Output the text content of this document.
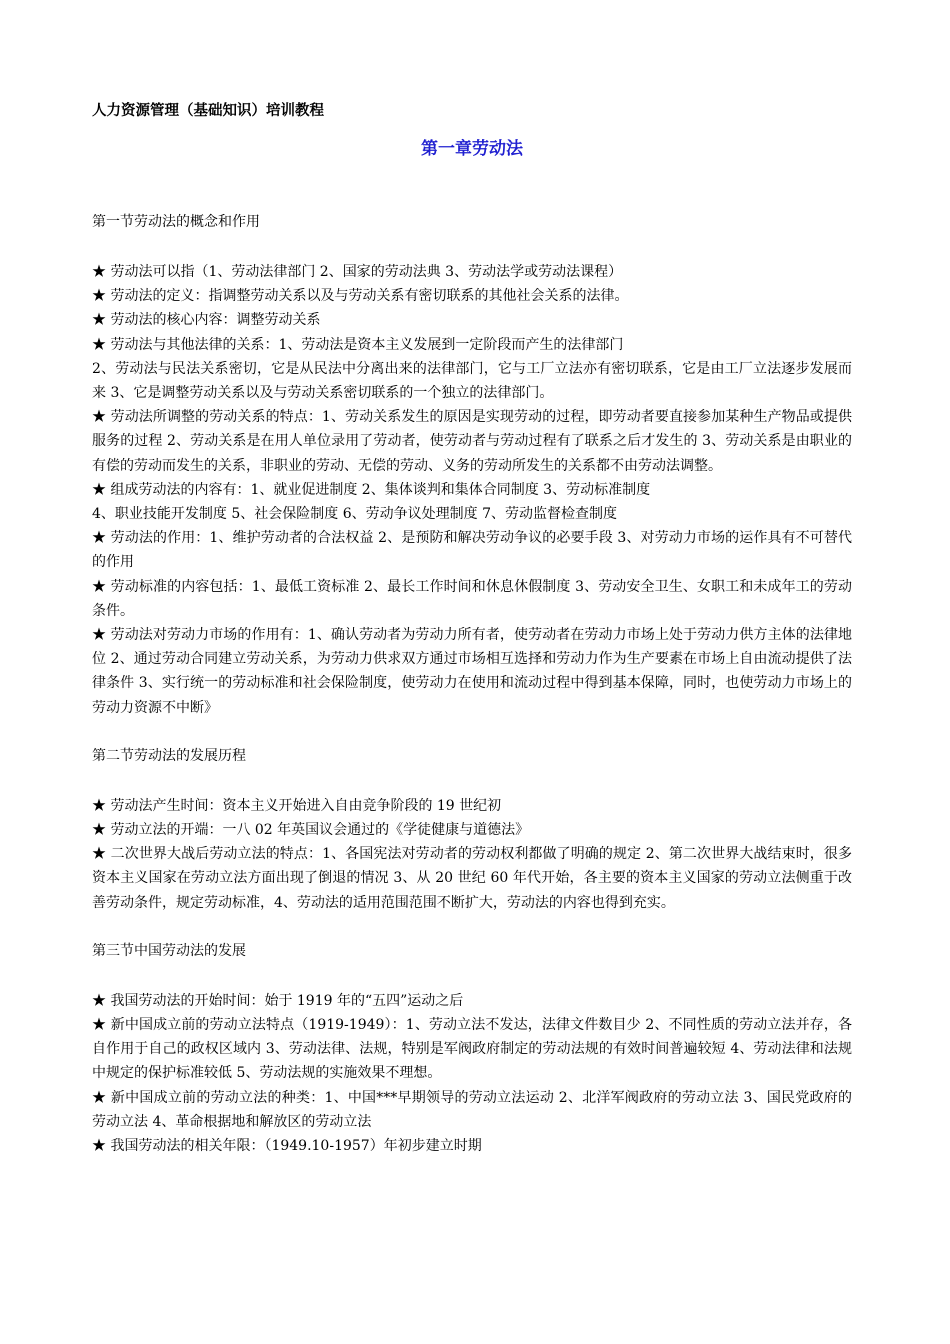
人力资源管理（基础知识）培训教程

第一章劳动法

第一节劳动法的概念和作用

★ 劳动法可以指（1、劳动法律部门 2、国家的劳动法典 3、劳动法学或劳动法课程）

★ 劳动法的定义：指调整劳动关系以及与劳动关系有密切联系的其他社会关系的法律。

★ 劳动法的核心内容：调整劳动关系

★ 劳动法与其他法律的关系：1、劳动法是资本主义发展到一定阶段而产生的法律部门

2、劳动法与民法关系密切，它是从民法中分离出来的法律部门，它与工厂立法亦有密切联系，它是由工厂立法逐步发展而来 3、它是调整劳动关系以及与劳动关系密切联系的一个独立的法律部门。

★ 劳动法所调整的劳动关系的特点：1、劳动关系发生的原因是实现劳动的过程，即劳动者要直接参加某种生产物品或提供服务的过程 2、劳动关系是在用人单位录用了劳动者，使劳动者与劳动过程有了联系之后才发生的 3、劳动关系是由职业的有偿的劳动而发生的关系，非职业的劳动、无偿的劳动、义务的劳动所发生的关系都不由劳动法调整。

★ 组成劳动法的内容有：1、就业促进制度 2、集体谈判和集体合同制度 3、劳动标准制度

4、职业技能开发制度 5、社会保险制度 6、劳动争议处理制度 7、劳动监督检查制度

★ 劳动法的作用：1、维护劳动者的合法权益 2、是预防和解决劳动争议的必要手段 3、对劳动力市场的运作具有不可替代的作用

★ 劳动标准的内容包括：1、最低工资标准 2、最长工作时间和休息休假制度 3、劳动安全卫生、女职工和未成年工的劳动条件。

★ 劳动法对劳动力市场的作用有：1、确认劳动者为劳动力所有者，使劳动者在劳动力市场上处于劳动力供方主体的法律地位 2、通过劳动合同建立劳动关系，为劳动力供求双方通过市场相互选择和劳动力作为生产要素在市场上自由流动提供了法律条件 3、实行统一的劳动标准和社会保险制度，使劳动力在使用和流动过程中得到基本保障，同时，也使劳动力市场上的劳动力资源不中断》

第二节劳动法的发展历程

★ 劳动法产生时间：资本主义开始进入自由竞争阶段的 19 世纪初

★ 劳动立法的开端：一八 02 年英国议会通过的《学徒健康与道德法》

★ 二次世界大战后劳动立法的特点：1、各国宪法对劳动者的劳动权利都做了明确的规定 2、第二次世界大战结束时，很多资本主义国家在劳动立法方面出现了倒退的情况 3、从 20 世纪 60 年代开始，各主要的资本主义国家的劳动立法侧重于改善劳动条件，规定劳动标准，4、劳动法的适用范围范围不断扩大，劳动法的内容也得到充实。

第三节中国劳动法的发展

★ 我国劳动法的开始时间：始于 1919 年的“五四”运动之后

★ 新中国成立前的劳动立法特点（1919-1949）：1、劳动立法不发达，法律文件数目少 2、不同性质的劳动立法并存，各自作用于自己的政权区域内 3、劳动法律、法规，特别是军阀政府制定的劳动法规的有效时间普遍较短 4、劳动法律和法规中规定的保护标准较低 5、劳动法规的实施效果不理想。

★ 新中国成立前的劳动立法的种类：1、中国***早期领导的劳动立法运动 2、北洋军阀政府的劳动立法 3、国民党政府的劳动立法 4、革命根据地和解放区的劳动立法

★ 我国劳动法的相关年限：（1949.10-1957）年初步建立时期
